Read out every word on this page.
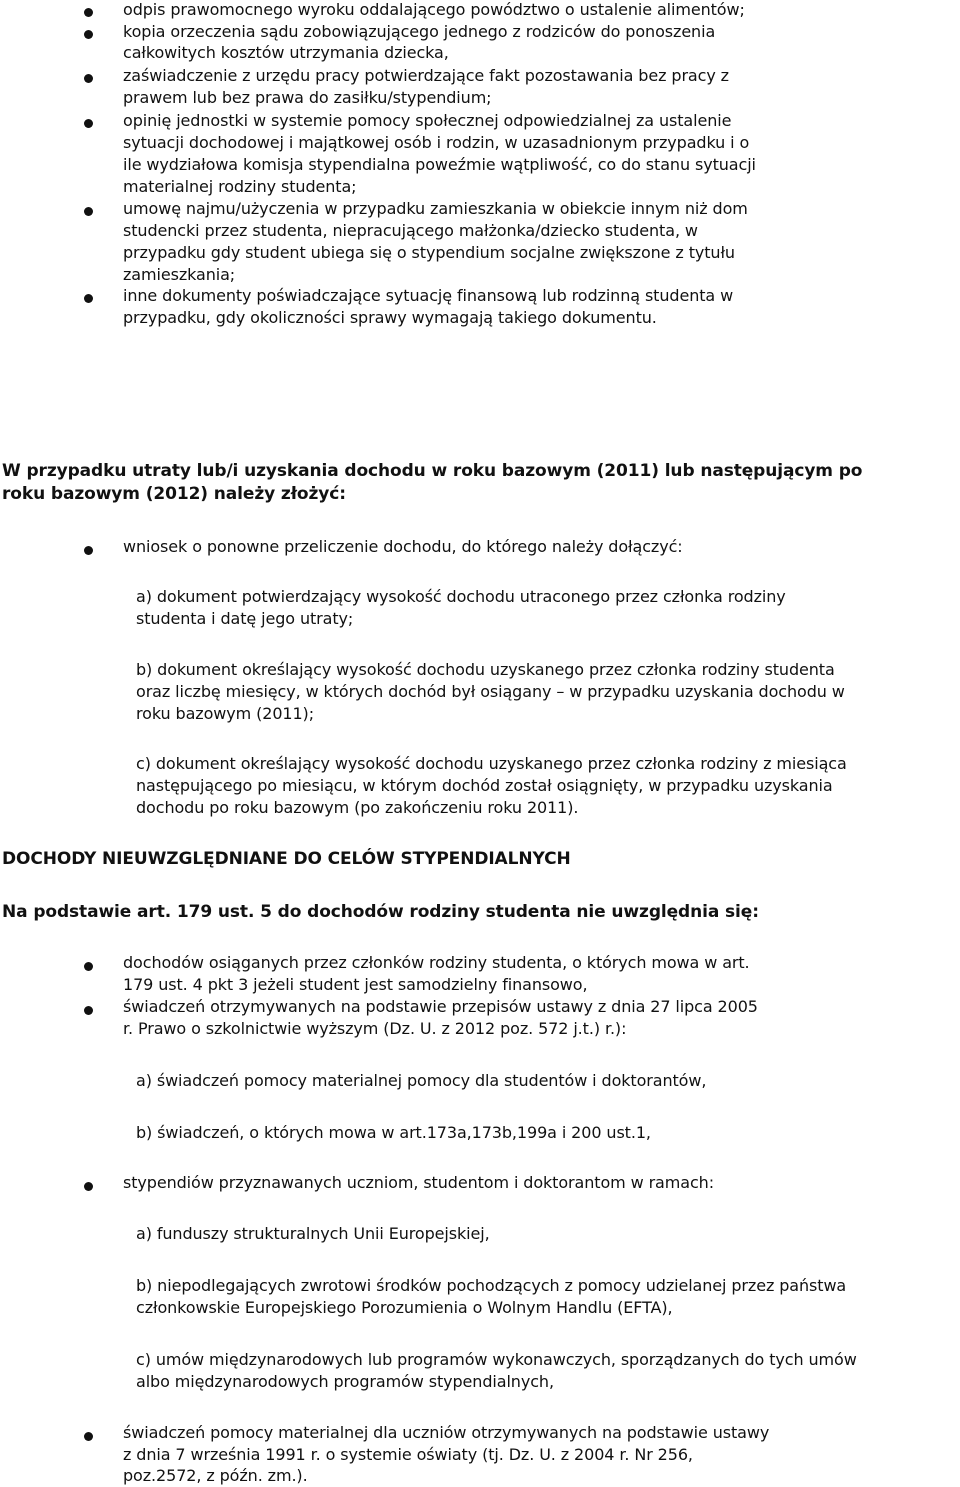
odpis prawomocnego wyroku oddalającego powództwo o ustalenie alimentów;
kopia orzeczenia sądu zobowiązującego jednego z rodziców do ponoszenia
całkowitych kosztów utrzymania dziecka,
zaświadczenie z urzędu pracy potwierdzające fakt pozostawania bez pracy z
prawem lub bez prawa do zasiłku/stypendium;
opinię jednostki w systemie pomocy społecznej odpowiedzialnej za ustalenie
sytuacji dochodowej i majątkowej osób i rodzin, w uzasadnionym przypadku i o
ile wydziałowa komisja stypendialna poweźmie wątpliwość, co do stanu sytuacji
materialnej rodziny studenta;
umowę najmu/użyczenia w przypadku zamieszkania w obiekcie innym niż dom
studencki przez studenta, niepracującego małżonka/dziecko studenta, w
przypadku gdy student ubiega się o stypendium socjalne zwiększone z tytułu
zamieszkania;
inne dokumenty poświadczające sytuację finansową lub rodzinną studenta w
przypadku, gdy okoliczności sprawy wymagają takiego dokumentu.
W przypadku utraty lub/i uzyskania dochodu w roku bazowym (2011) lub następującym po
roku bazowym (2012) należy złożyć:
wniosek o ponowne przeliczenie dochodu, do którego należy dołączyć:
a) dokument potwierdzający wysokość dochodu utraconego przez członka rodziny
studenta i datę jego utraty;
b) dokument określający wysokość dochodu uzyskanego przez członka rodziny studenta
oraz liczbę miesięcy, w których dochód był osiągany – w przypadku uzyskania dochodu w
roku bazowym (2011);
c) dokument określający wysokość dochodu uzyskanego przez członka rodziny z miesiąca
następującego po miesiącu, w którym dochód został osiągnięty, w przypadku uzyskania
dochodu po roku bazowym (po zakończeniu roku 2011).
DOCHODY NIEUWZGLĘDNIANE DO CELÓW STYPENDIALNYCH
Na podstawie art. 179 ust. 5 do dochodów rodziny studenta nie uwzględnia się:
dochodów osiąganych przez członków rodziny studenta, o których mowa w art.
179 ust. 4 pkt 3 jeżeli student jest samodzielny finansowo,
świadczeń otrzymywanych na podstawie przepisów ustawy z dnia 27 lipca 2005
r. Prawo o szkolnictwie wyższym (Dz. U. z 2012 poz. 572 j.t.) r.):
a) świadczeń pomocy materialnej pomocy dla studentów i doktorantów,
b) świadczeń, o których mowa w art.173a,173b,199a i 200 ust.1,
stypendiów przyznawanych uczniom, studentom i doktorantom w ramach:
a) funduszy strukturalnych Unii Europejskiej,
b) niepodlegających zwrotowi środków pochodzących z pomocy udzielanej przez państwa
członkowskie Europejskiego Porozumienia o Wolnym Handlu (EFTA),
c) umów międzynarodowych lub programów wykonawczych, sporządzanych do tych umów
albo międzynarodowych programów stypendialnych,
świadczeń pomocy materialnej dla uczniów otrzymywanych na podstawie ustawy
z dnia 7 września 1991 r. o systemie oświaty (tj. Dz. U. z 2004 r. Nr 256,
poz.2572, z późn. zm.).
